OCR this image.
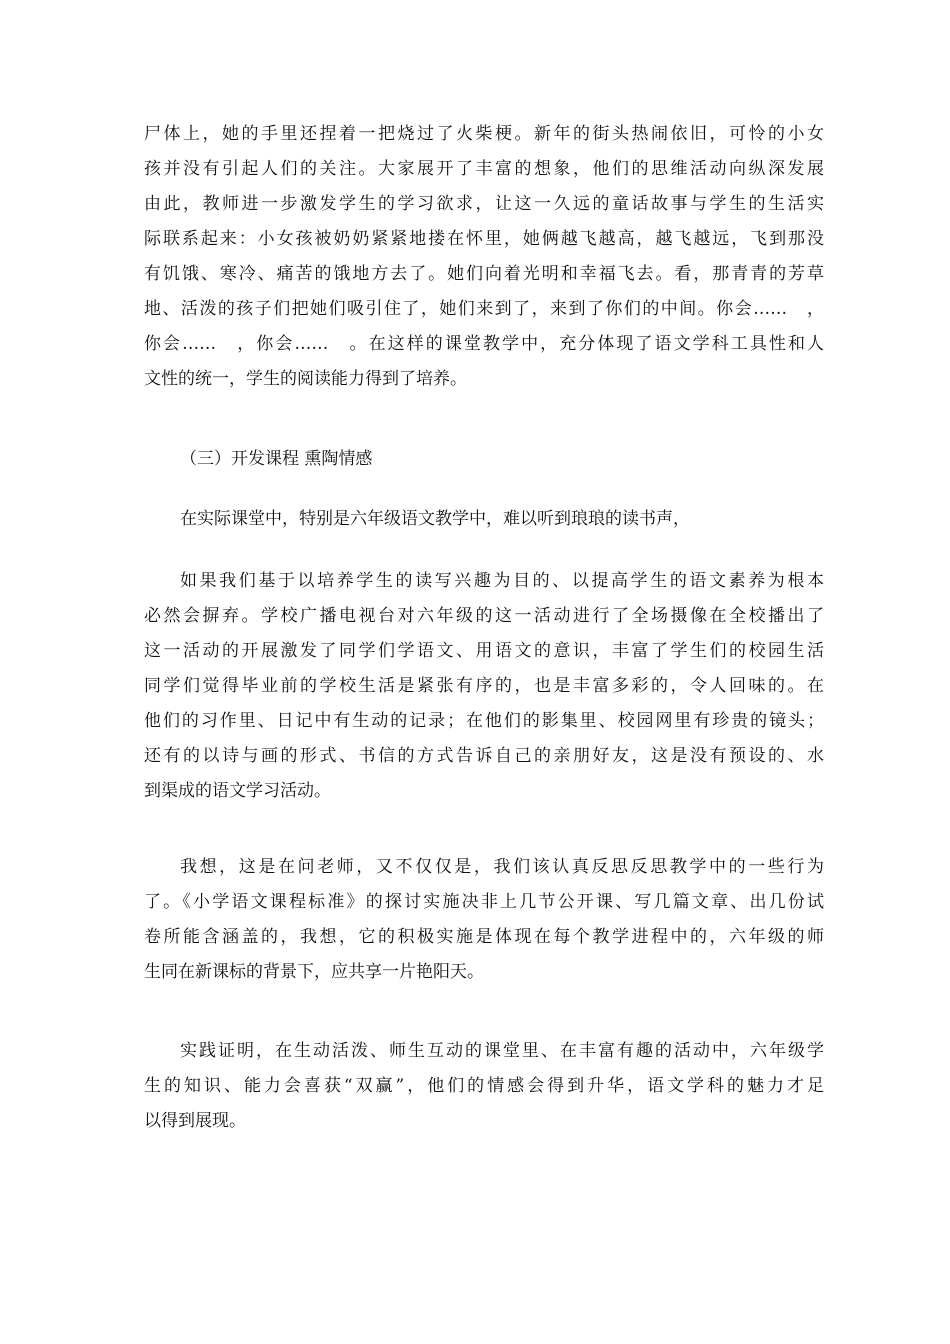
尸体上，她的手里还捏着一把烧过了火柴梗。新年的街头热闹依旧，可怜的小女
孩并没有引起人们的关注。大家展开了丰富的想象，他们的思维活动向纵深发展
由此，教师进一步激发学生的学习欲求，让这一久远的童话故事与学生的生活实
际联系起来：小女孩被奶奶紧紧地搂在怀里，她俩越飞越高，越飞越远，飞到那没
有饥饿、寒冷、痛苦的饿地方去了。她们向着光明和幸福飞去。看，那青青的芳草
地、活泼的孩子们把她们吸引住了，她们来到了，来到了你们的中间。你会……　，
你会……　，你会……　。在这样的课堂教学中，充分体现了语文学科工具性和人
文性的统一，学生的阅读能力得到了培养。
（三）开发课程 熏陶情感
在实际课堂中，特别是六年级语文教学中，难以听到琅琅的读书声，
如果我们基于以培养学生的读写兴趣为目的、以提高学生的语文素养为根本
必然会摒弃。学校广播电视台对六年级的这一活动进行了全场摄像在全校播出了
这一活动的开展激发了同学们学语文、用语文的意识，丰富了学生们的校园生活
同学们觉得毕业前的学校生活是紧张有序的，也是丰富多彩的，令人回味的。在
他们的习作里、日记中有生动的记录；在他们的影集里、校园网里有珍贵的镜头；
还有的以诗与画的形式、书信的方式告诉自己的亲朋好友，这是没有预设的、水
到渠成的语文学习活动。
我想，这是在问老师，又不仅仅是，我们该认真反思反思教学中的一些行为
了。《小学语文课程标准》的探讨实施决非上几节公开课、写几篇文章、出几份试
卷所能含涵盖的，我想，它的积极实施是体现在每个教学进程中的，六年级的师
生同在新课标的背景下，应共享一片艳阳天。
实践证明，在生动活泼、师生互动的课堂里、在丰富有趣的活动中，六年级学
生的知识、能力会喜获“双赢”，他们的情感会得到升华，语文学科的魅力才足
以得到展现。
